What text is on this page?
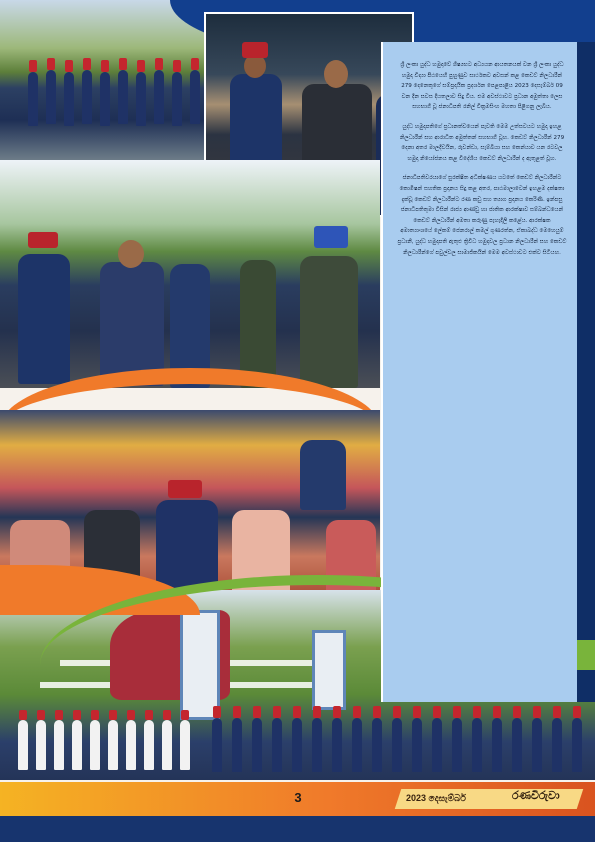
ශ්‍රී ලංකා යුද්ධ හමුදාවේ ශිෂ්‍යභට අධ්‍යයන ආයතනයක් වන ශ්‍රී ලංකා යුද්ධ හමුදා විද්‍යා පීඨයෙහි පුහුණුව සාර්ථකව අවසන් කළ කෙඩට් නිලධාරීන් 279 දෙනෙකුගේ සම්ප්‍රදායික ප්‍රදර්ශන පෙළපාළිය 2023 දෙසැම්බර් 09 වන දින සවස දියතලාව සිදු විය. එම අවස්ථාවට ප්‍රධාන අමුත්තා ලෙස සහභාගී වූ ජනාධිපති රනිල් වික්‍රමසිංහ මහතා පිළිගනු ලැබීය.

යුද්ධ හමුදාපතිගේ ප්‍රධානත්වයෙන් පැවති මෙම උත්සවයට හමුදා ඉහළ නිලධාරීන් සහ ආරාධිත අමුත්තන් සහභාගී වූහ. කෙඩට් නිලධාරීන් 279 දෙනා අතර මාලදිවයින, රුවන්ඩා, සැම්බියා සහ කෙන්යාව යන රටවල හමුදා නියෝජනය කළ විදේශීය කෙඩට් නිලධාරීන් ද ඇතුළත් වූහ.

ජනාධිපතිවරයාගේ සුරක්ෂිත අධීක්ෂණය යටතේ කෙඩට් නිලධාරීන්ට කොමිෂන් සහතික ප්‍රදානය සිදු කළ අතර, පාඨමාලාවෙන් ඉහළම දක්ෂතා දැක්වූ කෙඩට් නිලධාරීන්ට රණ කඩු සහ ත්‍යාග ප්‍රදානය කෙරිණි. ඉන්පසු ජනාධිපතිතුමා විසින් රාජ්‍ය ආණ්ඩු හා ජාතික ආරක්ෂාව සම්බන්ධයෙන් කෙඩට් නිලධාරීන් අමතා කරුණු පැහැදිලි කළේය. ආරක්ෂක අමාත්‍යාංශයේ ලේකම් ජෙනරාල් කමල් ගුණරත්න, ඒකාබද්ධ මෙහෙයුම් ප්‍රධානී, යුද්ධ හමුදාපති ඇතුළු ත්‍රිවිධ හමුදාවල ප්‍රධාන නිලධාරීන් සහ කෙඩට් නිලධාරීන්ගේ පවුල්වල සාමාජිකයින් මෙම අවස්ථාවට එක්ව සිටියහ.

3	2023 දෙසැම්බර්	රණවිරුවා
